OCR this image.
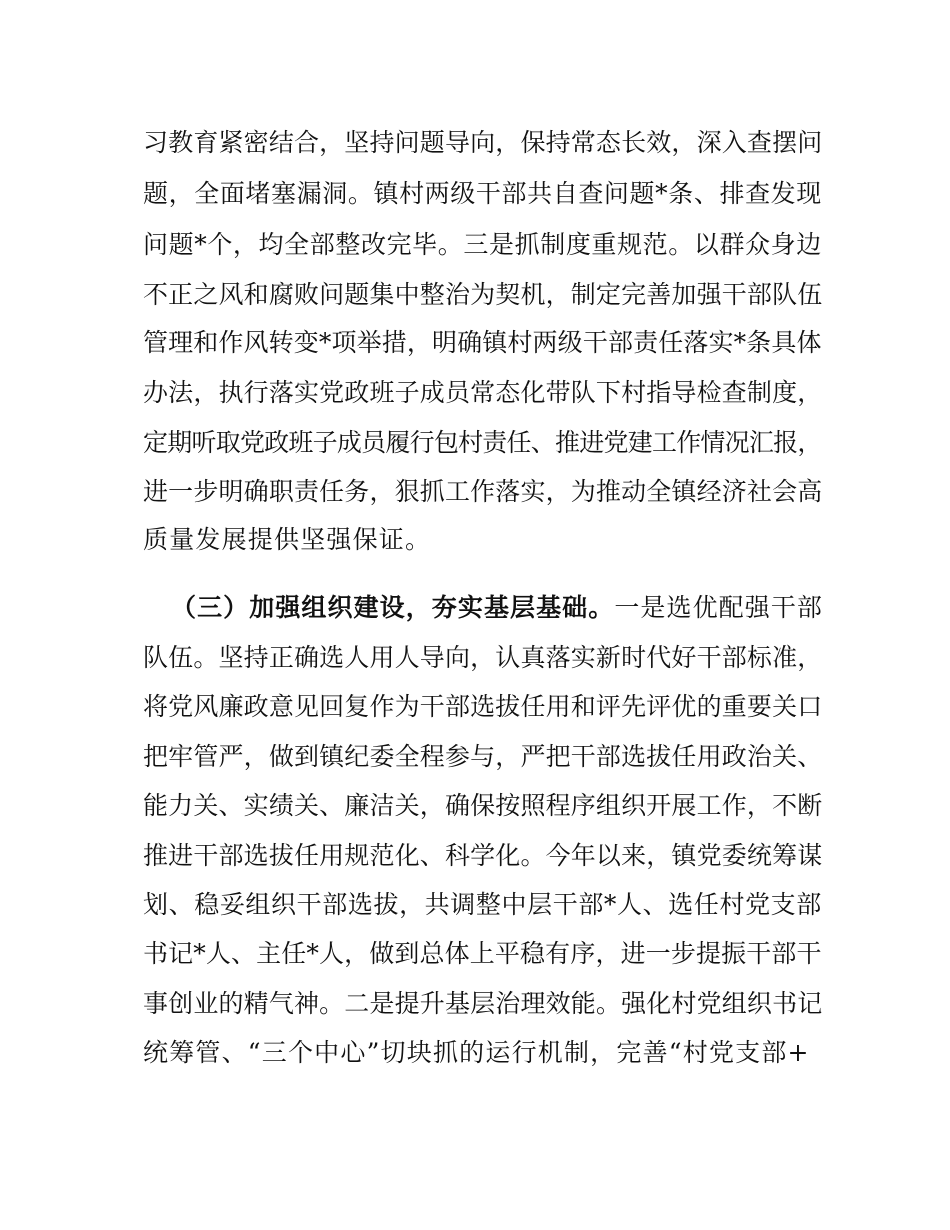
习教育紧密结合，坚持问题导向，保持常态长效，深入查摆问
题，全面堵塞漏洞。镇村两级干部共自查问题*条、排查发现
问题*个，均全部整改完毕。三是抓制度重规范。以群众身边
不正之风和腐败问题集中整治为契机，制定完善加强干部队伍
管理和作风转变*项举措，明确镇村两级干部责任落实*条具体
办法，执行落实党政班子成员常态化带队下村指导检查制度，
定期听取党政班子成员履行包村责任、推进党建工作情况汇报，
进一步明确职责任务，狠抓工作落实，为推动全镇经济社会高
质量发展提供坚强保证。
（三）加强组织建设，夯实基层基础。一是选优配强干部
队伍。坚持正确选人用人导向，认真落实新时代好干部标准，
将党风廉政意见回复作为干部选拔任用和评先评优的重要关口
把牢管严，做到镇纪委全程参与，严把干部选拔任用政治关、
能力关、实绩关、廉洁关，确保按照程序组织开展工作，不断
推进干部选拔任用规范化、科学化。今年以来，镇党委统筹谋
划、稳妥组织干部选拔，共调整中层干部*人、选任村党支部
书记*人、主任*人，做到总体上平稳有序，进一步提振干部干
事创业的精气神。二是提升基层治理效能。强化村党组织书记
统筹管、“三个中心”切块抓的运行机制，完善“村党支部+
